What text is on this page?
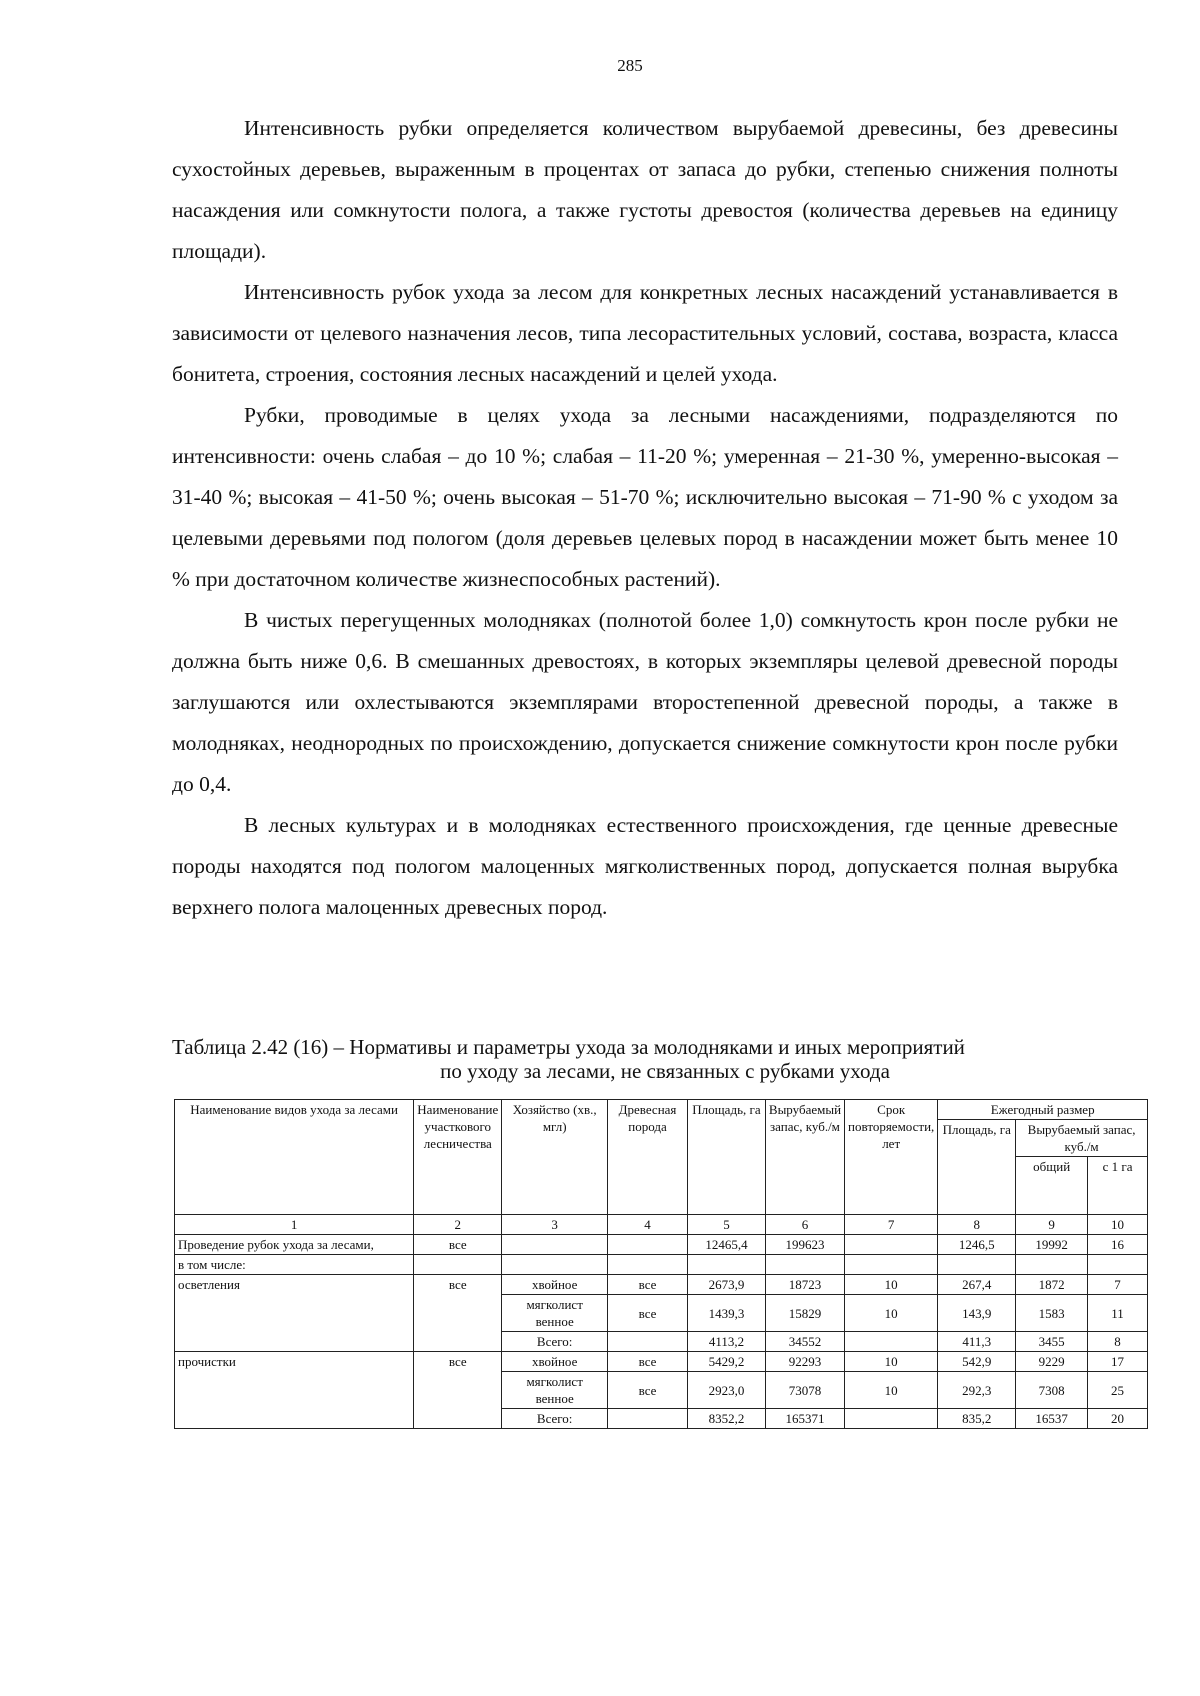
285

Интенсивность рубки определяется количеством вырубаемой древесины, без древесины сухостойных деревьев, выраженным в процентах от запаса до рубки, степенью снижения полноты насаждения или сомкнутости полога, а также густоты древостоя (количества деревьев на единицу площади).

Интенсивность рубок ухода за лесом для конкретных лесных насаждений устанавливается в зависимости от целевого назначения лесов, типа лесорастительных условий, состава, возраста, класса бонитета, строения, состояния лесных насаждений и целей ухода.

Рубки, проводимые в целях ухода за лесными насаждениями, подразделяются по интенсивности: очень слабая – до 10 %; слабая – 11-20 %; умеренная – 21-30 %, умеренно-высокая – 31-40 %; высокая – 41-50 %; очень высокая – 51-70 %; исключительно высокая – 71-90 % с уходом за целевыми деревьями под пологом (доля деревьев целевых пород в насаждении может быть менее 10 % при достаточном количестве жизнеспособных растений).

В чистых перегущенных молодняках (полнотой более 1,0) сомкнутость крон после рубки не должна быть ниже 0,6. В смешанных древостоях, в которых экземпляры целевой древесной породы заглушаются или охлестываются экземплярами второстепенной древесной породы, а также в молодняках, неоднородных по происхождению, допускается снижение сомкнутости крон после рубки до 0,4.

В лесных культурах и в молодняках естественного происхождения, где ценные древесные породы находятся под пологом малоценных мягколиственных пород, допускается полная вырубка верхнего полога малоценных древесных пород.

Таблица 2.42 (16) – Нормативы и параметры ухода за молодняками и иных мероприятий
по уходу за лесами, не связанных с рубками ухода
Наименование видов ухода за лесами	Наименование участкового лесничества	Хозяйство (хв., мгл)	Древесная порода	Площадь, га	Вырубаемый запас, куб./м	Срок повторяемости, лет	Ежегодный размер		
							Площадь, га	Вырубаемый запас, куб./м	
								общий	с 1 га
1	2	3	4	5	6	7	8	9	10
Проведение рубок ухода за лесами,	все			12465,4	199623		1246,5	19992	16
в том числе:									
осветления	все	хвойное	все	2673,9	18723	10	267,4	1872	7

		мягколиственное	все	1439,3	15829	10	143,9	1583	11
		Всего:		4113,2	34552		411,3	3455	8
прочистки	все	хвойное	все	5429,2	92293	10	542,9	9229	17

		мягколиственное	все	2923,0	73078	10	292,3	7308	25
		Всего:		8352,2	165371		835,2	16537	20
